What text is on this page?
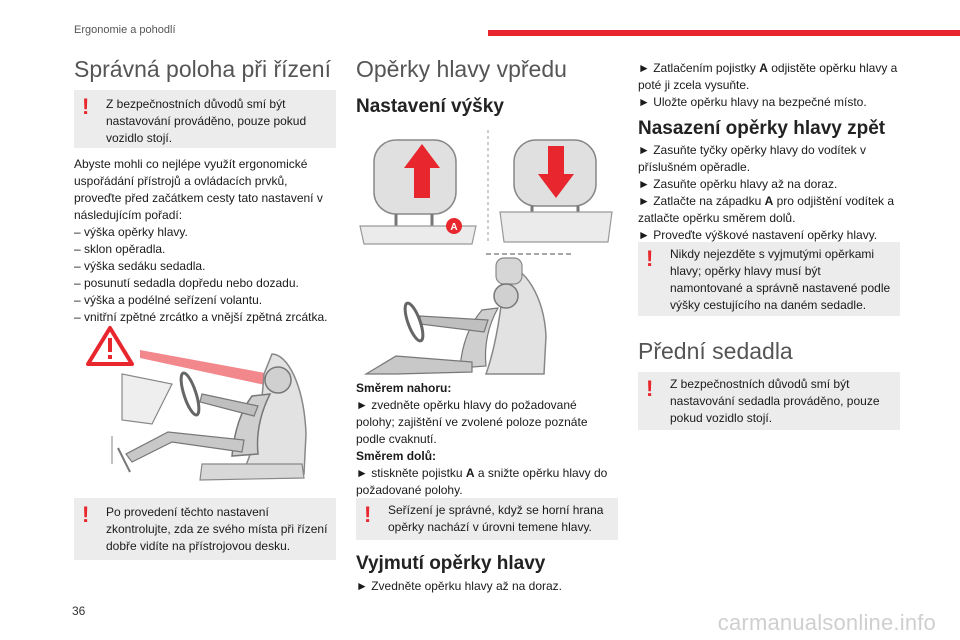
Ergonomie a pohodlí
Správná poloha při řízení
!	Z bezpečnostních důvodů smí být
nastavování prováděno, pouze pokud vozidlo stojí.

Abyste mohli co nejlépe využít ergonomické uspořádání přístrojů a ovládacích prvků, proveďte před začátkem cesty tato nastavení v následujícím pořadí:

– výška opěrky hlavy.

– sklon opěradla.

– výška sedáku sedadla.

– posunutí sedadla dopředu nebo dozadu.

– výška a podélné seřízení volantu.

– vnitřní zpětné zrcátko a vnější zpětná zrcátka.

!	Po provedení těchto nastavení
zkontrolujte, zda ze svého místa při řízení dobře vidíte na přístrojovou desku.
Opěrky hlavy vpředu
Nastavení výšky
A

Směrem nahoru:

► zvedněte opěrku hlavy do požadované polohy; zajištění ve zvolené poloze poznáte podle cvaknutí.

Směrem dolů:

► stiskněte pojistku A a snižte opěrku hlavy do požadované polohy.

!	Seřízení je správné, když se horní hrana
opěrky nachází v úrovni temene hlavy.
Vyjmutí opěrky hlavy
► Zvedněte opěrku hlavy až na doraz.

► Zatlačením pojistky A odjistěte opěrku hlavy a poté ji zcela vysuňte.

► Uložte opěrku hlavy na bezpečné místo.

Nasazení opěrky hlavy zpět

► Zasuňte tyčky opěrky hlavy do vodítek v příslušném opěradle.

► Zasuňte opěrku hlavy až na doraz.

► Zatlačte na západku A pro odjištění vodítek a zatlačte opěrku směrem dolů.

► Proveďte výškové nastavení opěrky hlavy.

!	Nikdy nejezděte s vyjmutými opěrkami
hlavy; opěrky hlavy musí být namontované a správně nastavené podle výšky cestujícího na daném sedadle.
Přední sedadla
!	Z bezpečnostních důvodů smí být
nastavování sedadla prováděno, pouze pokud vozidlo stojí.
36	carmanualsonline.info
